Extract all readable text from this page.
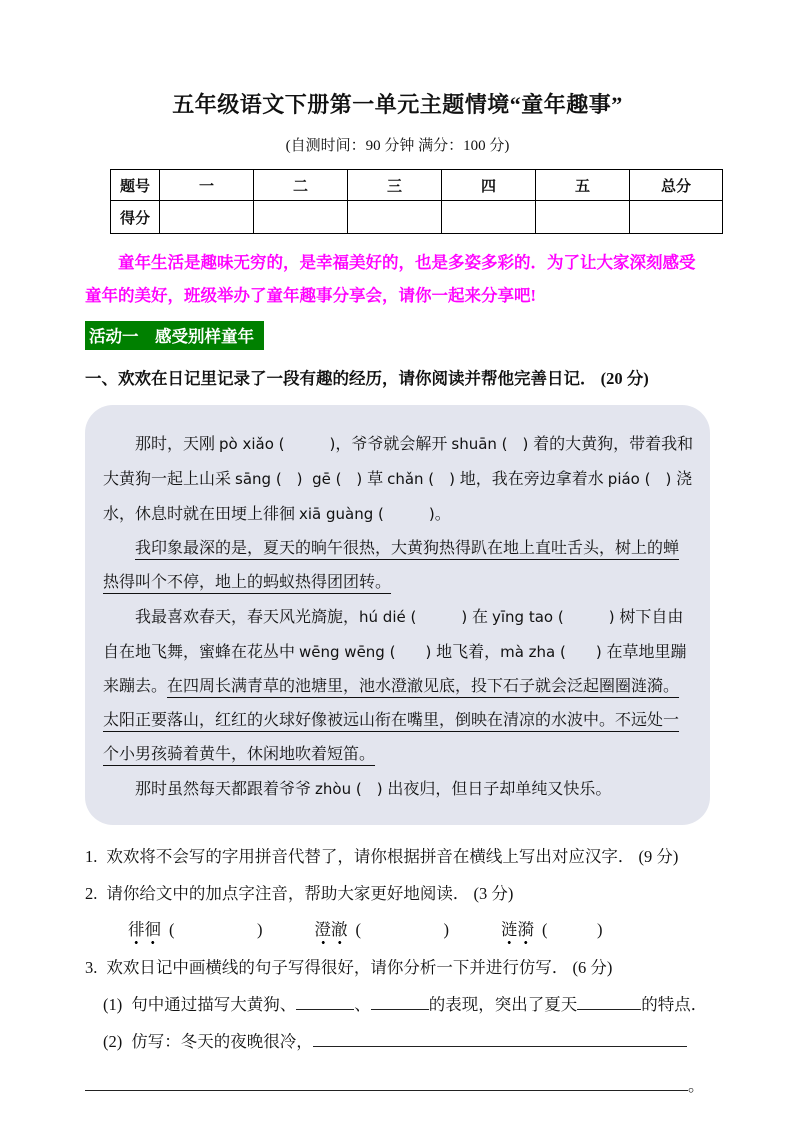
五年级语文下册第一单元主题情境“童年趣事”
(自测时间：90 分钟 满分：100 分)
题号	一	二	三	四	五	总分
得分						

童年生活是趣味无穷的，是幸福美好的，也是多姿多彩的．为了让大家深刻感受童年的美好，班级举办了童年趣事分享会，请你一起来分享吧!

活动一　感受别样童年

一、欢欢在日记里记录了一段有趣的经历，请你阅读并帮他完善日记． (20 分)

那时，天刚 pò xiǎo (　　　)，爷爷就会解开 shuān (　) 着的大黄狗，带着我和大黄狗一起上山采 sāng (　)  gē (　) 草 chǎn (　) 地，我在旁边拿着水 piáo (　) 浇水，休息时就在田埂上徘徊 xiā guàng (　　　)。

我印象最深的是，夏天的晌午很热，大黄狗热得趴在地上直吐舌头，树上的蝉热得叫个不停，地上的蚂蚁热得团团转。

我最喜欢春天，春天风光旖旎，hú dié (　　　) 在 yīng tao (　　　) 树下自由自在地飞舞，蜜蜂在花丛中 wēng wēng (　　) 地飞着，mà zha (　　) 在草地里蹦来蹦去。在四周长满青草的池塘里，池水澄澈见底，投下石子就会泛起圈圈涟漪。太阳正要落山，红红的火球好像被远山衔在嘴里，倒映在清凉的水波中。不远处一个小男孩骑着黄牛，休闲地吹着短笛。

那时虽然每天都跟着爷爷 zhòu (　) 出夜归，但日子却单纯又快乐。

1. 欢欢将不会写的字用拼音代替了，请你根据拼音在横线上写出对应汉字． (9 分)

2. 请你给文中的加点字注音，帮助大家更好地阅读． (3 分)

徘徊 (　　　　　)	澄澈 (　　　　　)	涟漪 (　　　)

3. 欢欢日记中画横线的句子写得很好，请你分析一下并进行仿写． (6 分)

(1) 句中通过描写大黄狗、	、	的表现，突出了夏天	的特点．

(2) 仿写：冬天的夜晚很冷，

。
